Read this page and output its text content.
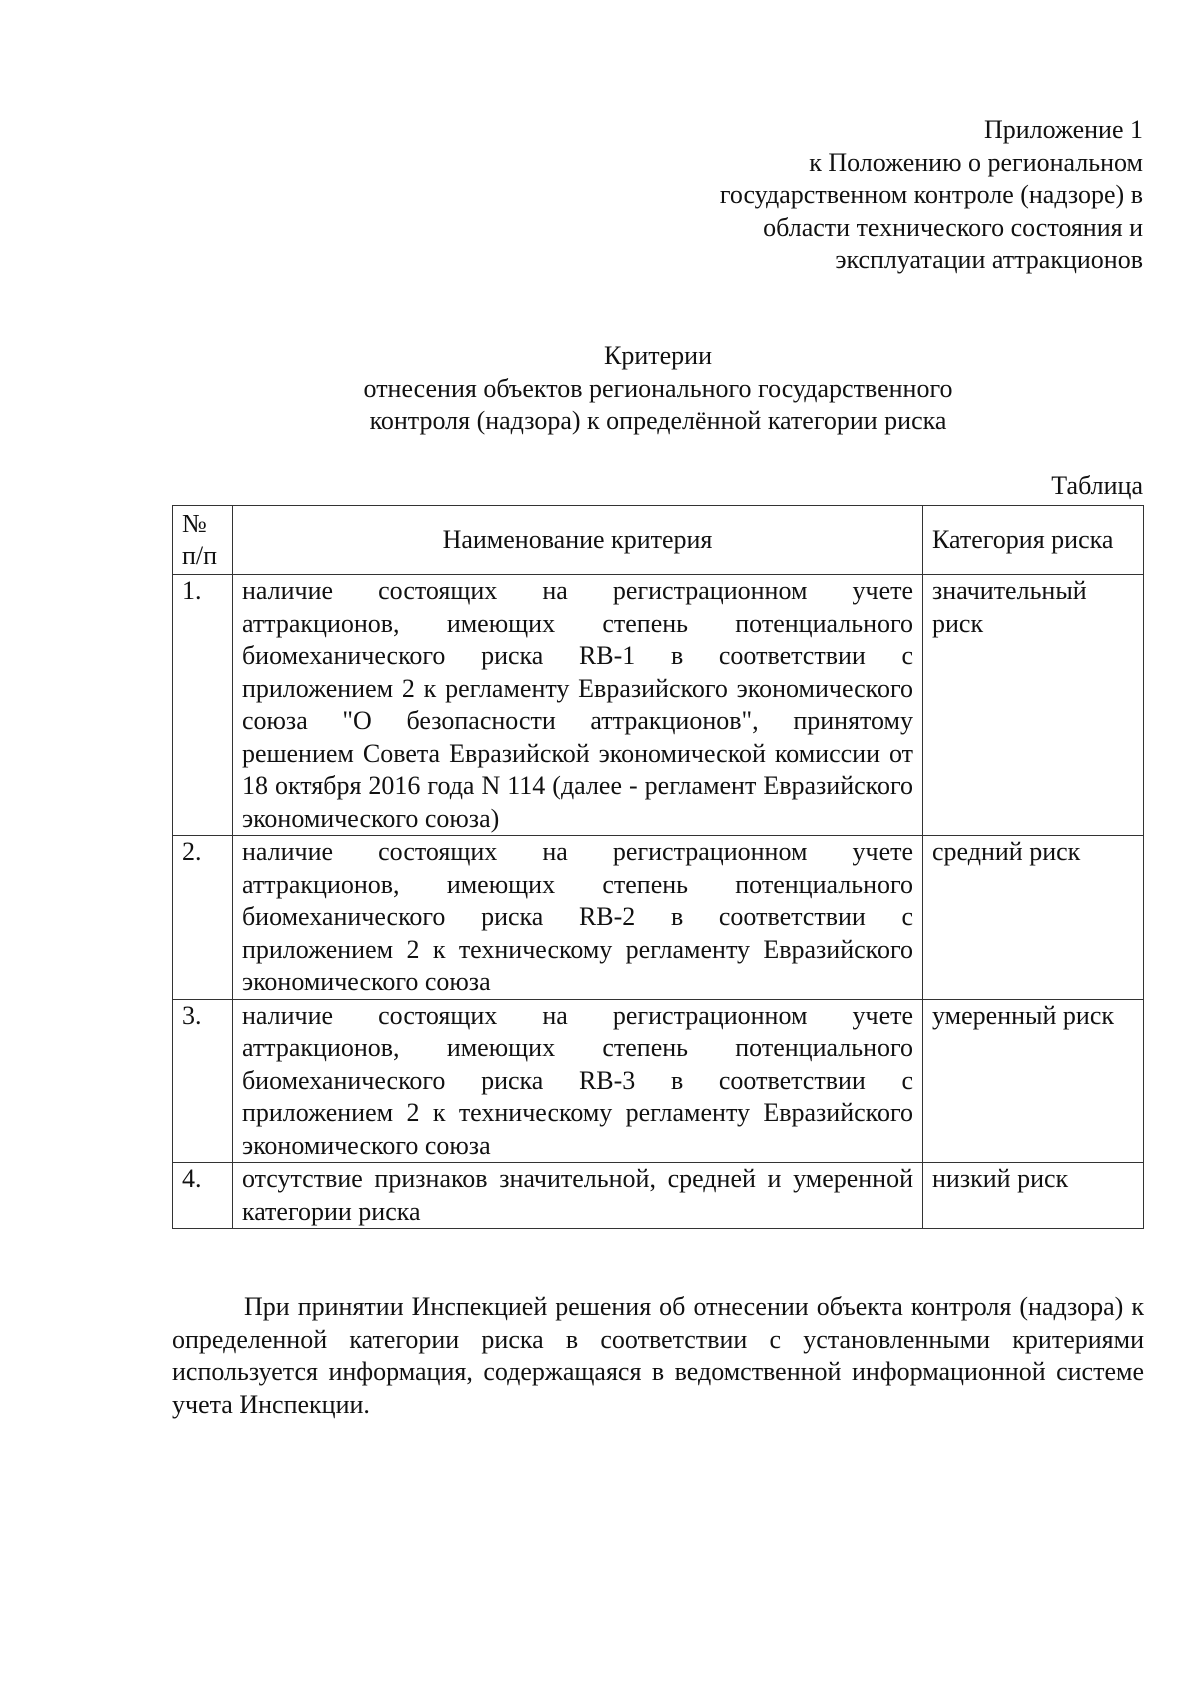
Приложение 1
к Положению о региональном
государственном контроле (надзоре) в
области технического состояния и
эксплуатации аттракционов
Критерии
отнесения объектов регионального государственного
контроля (надзора) к определённой категории риска
Таблица
№
п/п	Наименование критерия	Категория риска
1.	наличие состоящих на регистрационном учете аттракционов, имеющих степень потенциального биомеханического риска RB-1 в соответствии с приложением 2 к регламенту Евразийского экономического союза "О безопасности аттракционов", принятому решением Совета Евразийской экономической комиссии от 18 октября 2016 года N 114 (далее - регламент Евразийского экономического союза)	значительный риск
2.	наличие состоящих на регистрационном учете аттракционов, имеющих степень потенциального биомеханического риска RB-2 в соответствии с приложением 2 к техническому регламенту Евразийского экономического союза	средний риск
3.	наличие состоящих на регистрационном учете аттракционов, имеющих степень потенциального биомеханического риска RB-3 в соответствии с приложением 2 к техническому регламенту Евразийского экономического союза	умеренный риск
4.	отсутствие признаков значительной, средней и умеренной категории риска	низкий риск
При принятии Инспекцией решения об отнесении объекта контроля (надзора) к определенной категории риска в соответствии с установленными критериями используется информация, содержащаяся в ведомственной информационной системе учета Инспекции.
